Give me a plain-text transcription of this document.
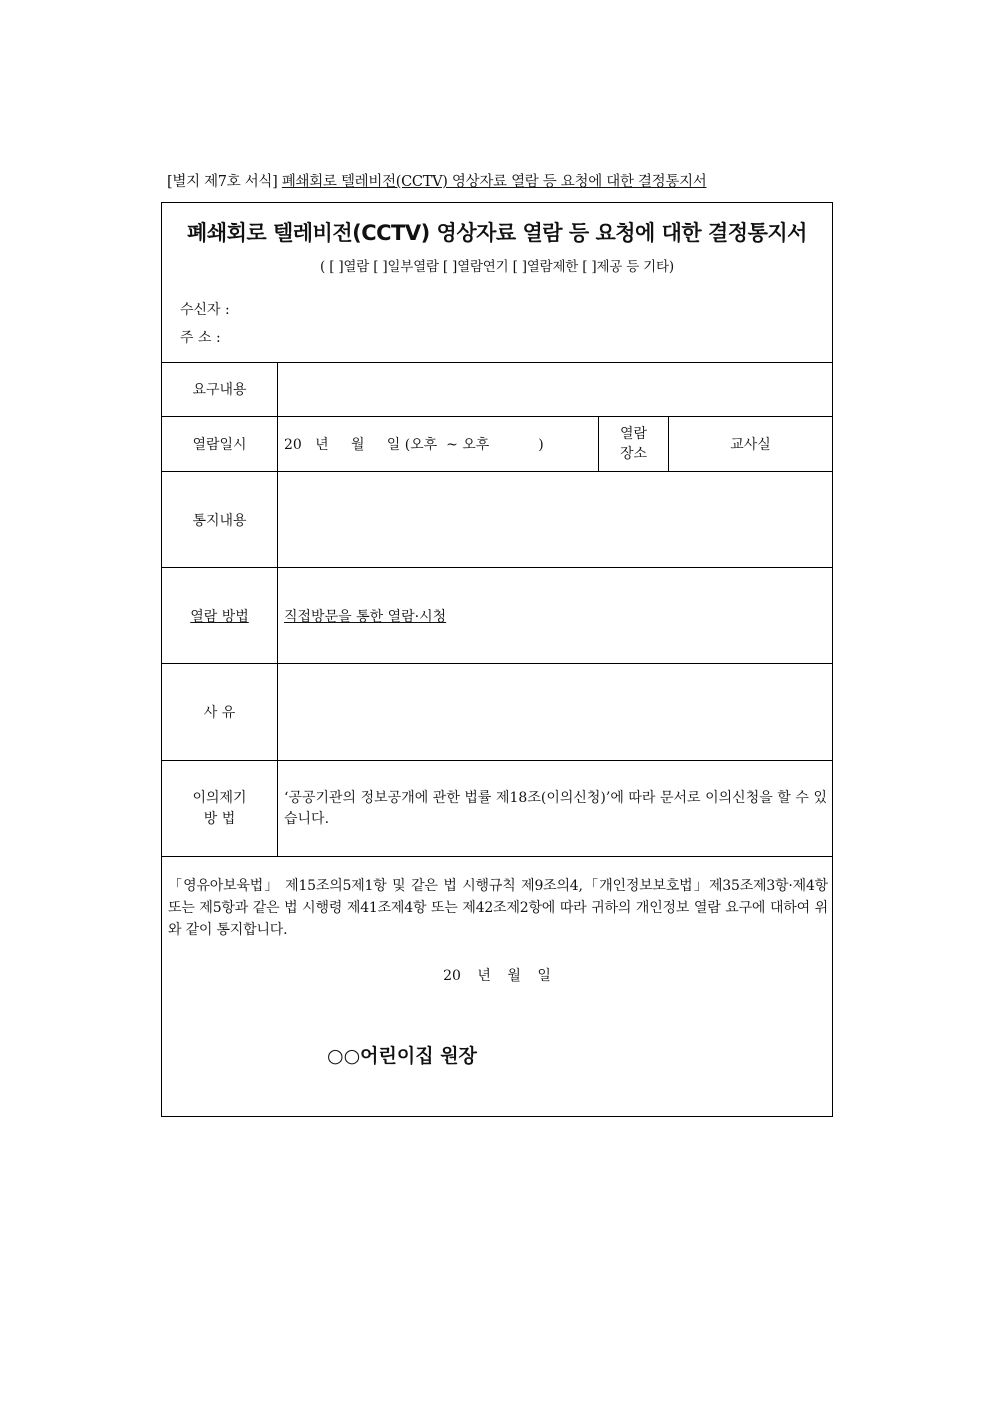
[별지 제7호 서식] 폐쇄회로 텔레비전(CCTV) 영상자료 열람 등 요청에 대한 결정통지서
폐쇄회로 텔레비전(CCTV) 영상자료 열람 등 요청에 대한 결정통지서
( [ ]열람 [ ]일부열람 [ ]열람연기 [ ]열람제한 [ ]제공 등 기타)
수신자 :
주 소 :
요구내용
열람일시	20   년     월     일 (오후  ~ 오후           )
열람
장소
교사실
통지내용
열람 방법	직접방문을 통한 열람·시청
사 유
이의제기
방 법
‘공공기관의 정보공개에 관한 법률 제18조(이의신청)’에 따라 문서로 이의신청을 할 수 있습니다.
「영유아보육법」 제15조의5제1항 및 같은 법 시행규칙 제9조의4,「개인정보보호법」제35조제3항·제4항 또는 제5항과 같은 법 시행령 제41조제4항 또는 제42조제2항에 따라 귀하의 개인정보 열람 요구에 대하여 위와 같이 통지합니다.
20 년 월 일
○○어린이집 원장
